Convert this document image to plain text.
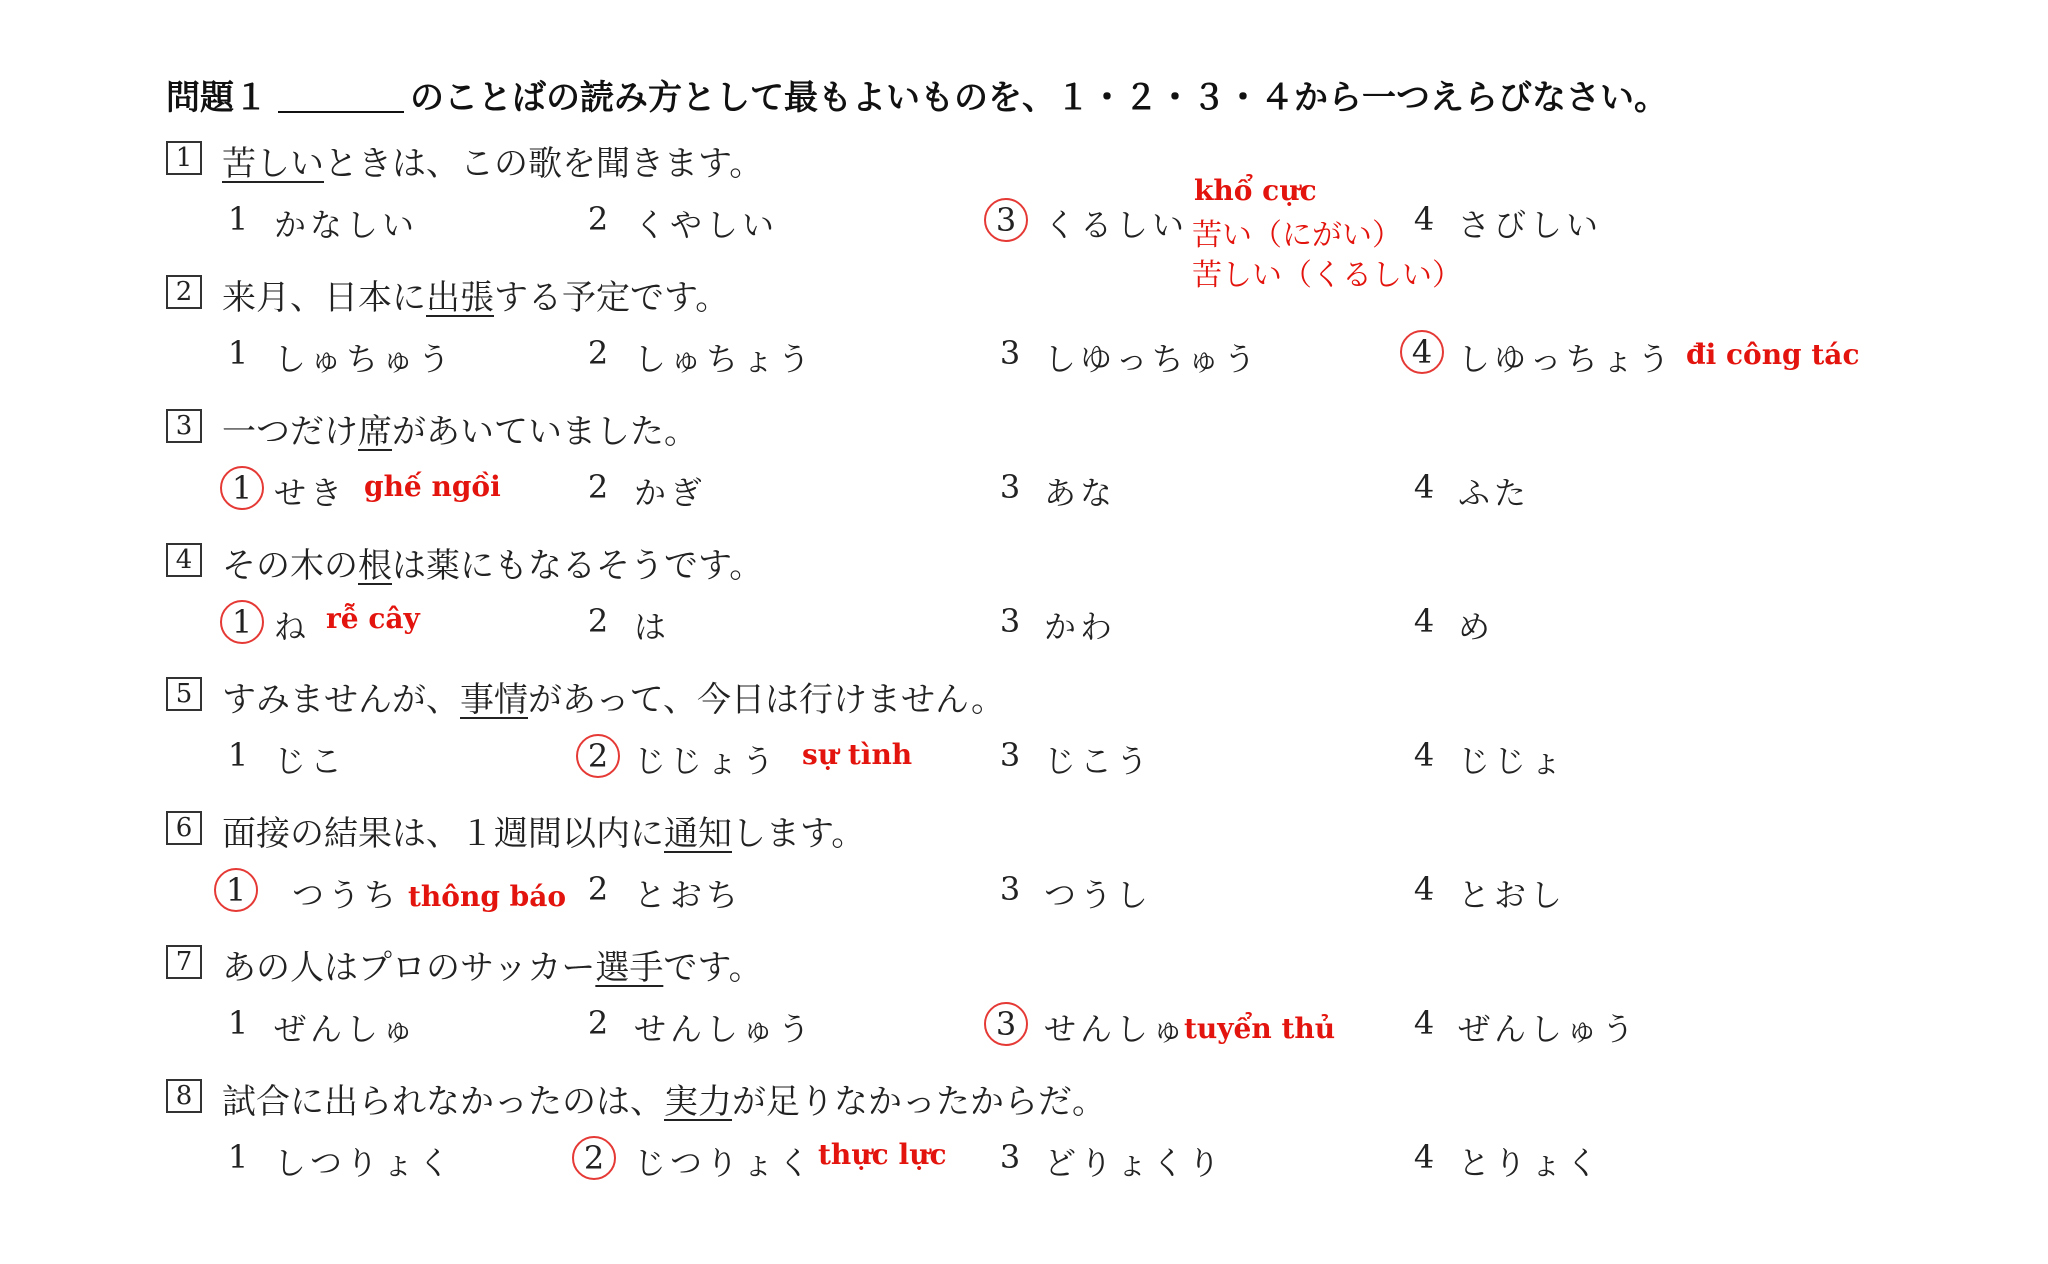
問題１	のことばの読み方として最もよいものを、１・２・３・４から一つえらびなさい。
1 苦しいときは、この歌を聞きます。
1 かなしい	2 くやしい	3 くるしい	4 さびしい
khổ cực
苦い（にがい）
苦しい（くるしい）
2 来月、日本に出張する予定です。
1 しゅちゅう	2 しゅちょう	3 しゆっちゅう	4 しゆっちょう đi công tác
3 一つだけ席があいていました。
1 せき ghế ngồi	2 かぎ	3 あな	4 ふた
4 その木の根は薬にもなるそうです。
1 ね rễ cây	2 は	3 かわ	4 め
5 すみませんが、事情があって、今日は行けません。
1 じこ	2 じじょう sự tình	3 じこう	4 じじょ
6 面接の結果は、１週間以内に通知します。
1	つうち thông báo 2 とおち	3 つうし	4 とおし
7 あの人はプロのサッカー選手です。
1 ぜんしゅ	2 せんしゅう	3 せんしゅ
tuyển thủ	4 ぜんしゅう
8 試合に出られなかったのは、実力が足りなかったからだ。
1 しつりょく	2 じつりょく thực lực	3 どりょくり	4 とりょく
